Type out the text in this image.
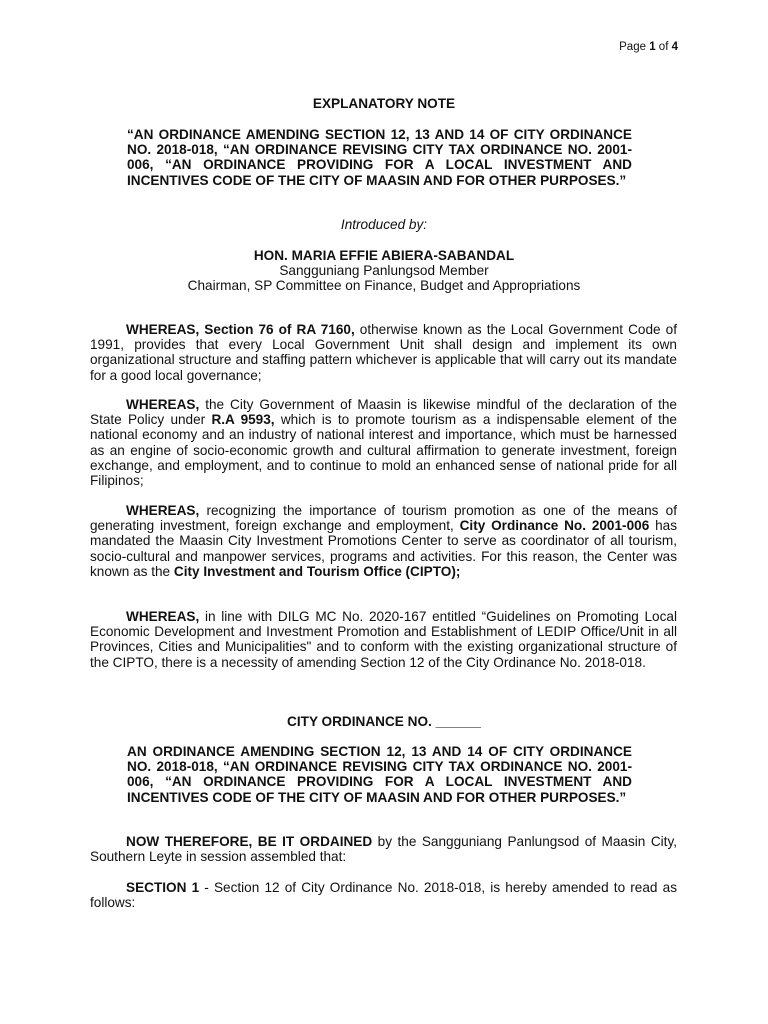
Page 1 of 4
EXPLANATORY NOTE
“AN ORDINANCE AMENDING SECTION 12, 13 AND 14 OF CITY ORDINANCE NO. 2018-018, “AN ORDINANCE REVISING CITY TAX ORDINANCE NO. 2001-006, “AN ORDINANCE PROVIDING FOR A LOCAL INVESTMENT AND INCENTIVES CODE OF THE CITY OF MAASIN AND FOR OTHER PURPOSES.”
Introduced by:
HON. MARIA EFFIE ABIERA-SABANDAL
Sangguniang Panlungsod Member
Chairman, SP Committee on Finance, Budget and Appropriations

WHEREAS, Section 76 of RA 7160, otherwise known as the Local Government Code of 1991, provides that every Local Government Unit shall design and implement its own organizational structure and staffing pattern whichever is applicable that will carry out its mandate for a good local governance;

WHEREAS, the City Government of Maasin is likewise mindful of the declaration of the State Policy under R.A 9593, which is to promote tourism as a indispensable element of the national economy and an industry of national interest and importance, which must be harnessed as an engine of socio-economic growth and cultural affirmation to generate investment, foreign exchange, and employment, and to continue to mold an enhanced sense of national pride for all Filipinos;

WHEREAS, recognizing the importance of tourism promotion as one of the means of generating investment, foreign exchange and employment, City Ordinance No. 2001-006 has mandated the Maasin City Investment Promotions Center to serve as coordinator of all tourism, socio-cultural and manpower services, programs and activities. For this reason, the Center was known as the City Investment and Tourism Office (CIPTO);

WHEREAS, in line with DILG MC No. 2020-167 entitled “Guidelines on Promoting Local Economic Development and Investment Promotion and Establishment of LEDIP Office/Unit in all Provinces, Cities and Municipalities" and to conform with the existing organizational structure of the CIPTO, there is a necessity of amending Section 12 of the City Ordinance No. 2018-018.

CITY ORDINANCE NO. ______
AN ORDINANCE AMENDING SECTION 12, 13 AND 14 OF CITY ORDINANCE NO. 2018-018, “AN ORDINANCE REVISING CITY TAX ORDINANCE NO. 2001-006, “AN ORDINANCE PROVIDING FOR A LOCAL INVESTMENT AND INCENTIVES CODE OF THE CITY OF MAASIN AND FOR OTHER PURPOSES.”

NOW THEREFORE, BE IT ORDAINED by the Sangguniang Panlungsod of Maasin City, Southern Leyte in session assembled that:

SECTION 1 - Section 12 of City Ordinance No. 2018-018, is hereby amended to read as follows:
